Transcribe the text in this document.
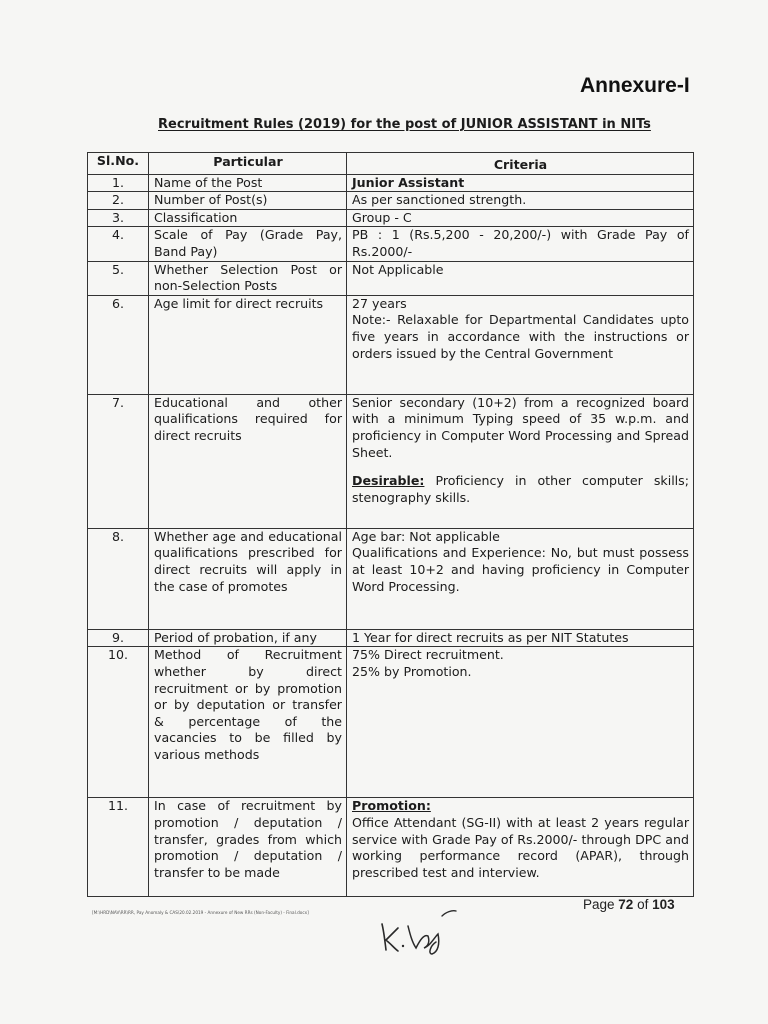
Annexure-I
Recruitment Rules (2019) for the post of JUNIOR ASSISTANT in NITs
Sl.No.	Particular	Criteria
1.	Name of the Post	Junior Assistant
2.	Number of Post(s)	As per sanctioned strength.
3.	Classification	Group - C
4.	Scale of Pay (Grade Pay, Band Pay)	PB : 1 (Rs.5,200 - 20,200/-) with Grade Pay of Rs.2000/-
5.	Whether Selection Post or non-Selection Posts	Not Applicable
6.	Age limit for direct recruits	27 years
Note:- Relaxable for Departmental Candidates upto five years in accordance with the instructions or orders issued by the Central Government

7.	Educational and other qualifications required for direct recruits	Senior secondary (10+2) from a recognized board with a minimum Typing speed of 35 w.p.m. and proficiency in Computer Word Processing and Spread Sheet.
Desirable: Proficiency in other computer skills; stenography skills.

8.	Whether age and educational qualifications prescribed for direct recruits will apply in the case of promotes	Age bar: Not applicable
Qualifications and Experience: No, but must possess at least 10+2 and having proficiency in Computer Word Processing.

9.	Period of probation, if any	1 Year for direct recruits as per NIT Statutes
10.	Method of Recruitment whether by direct recruitment or by promotion or by deputation or transfer & percentage of the vacancies to be filled by various methods	75% Direct recruitment.
25% by Promotion.

11.	In case of recruitment by promotion / deputation / transfer, grades from which promotion / deputation / transfer to be made	Promotion:
Office Attendant (SG-II) with at least 2 years regular service with Grade Pay of Rs.2000/- through DPC and working performance record (APAR), through prescribed test and interview.
[M:\HRD\NAV\RR\RR, Pay Anomaly & CAS\20.02.2019 - Annexure of New RRs (Non-Faculty) - Final.docx]
Page 72 of 103
